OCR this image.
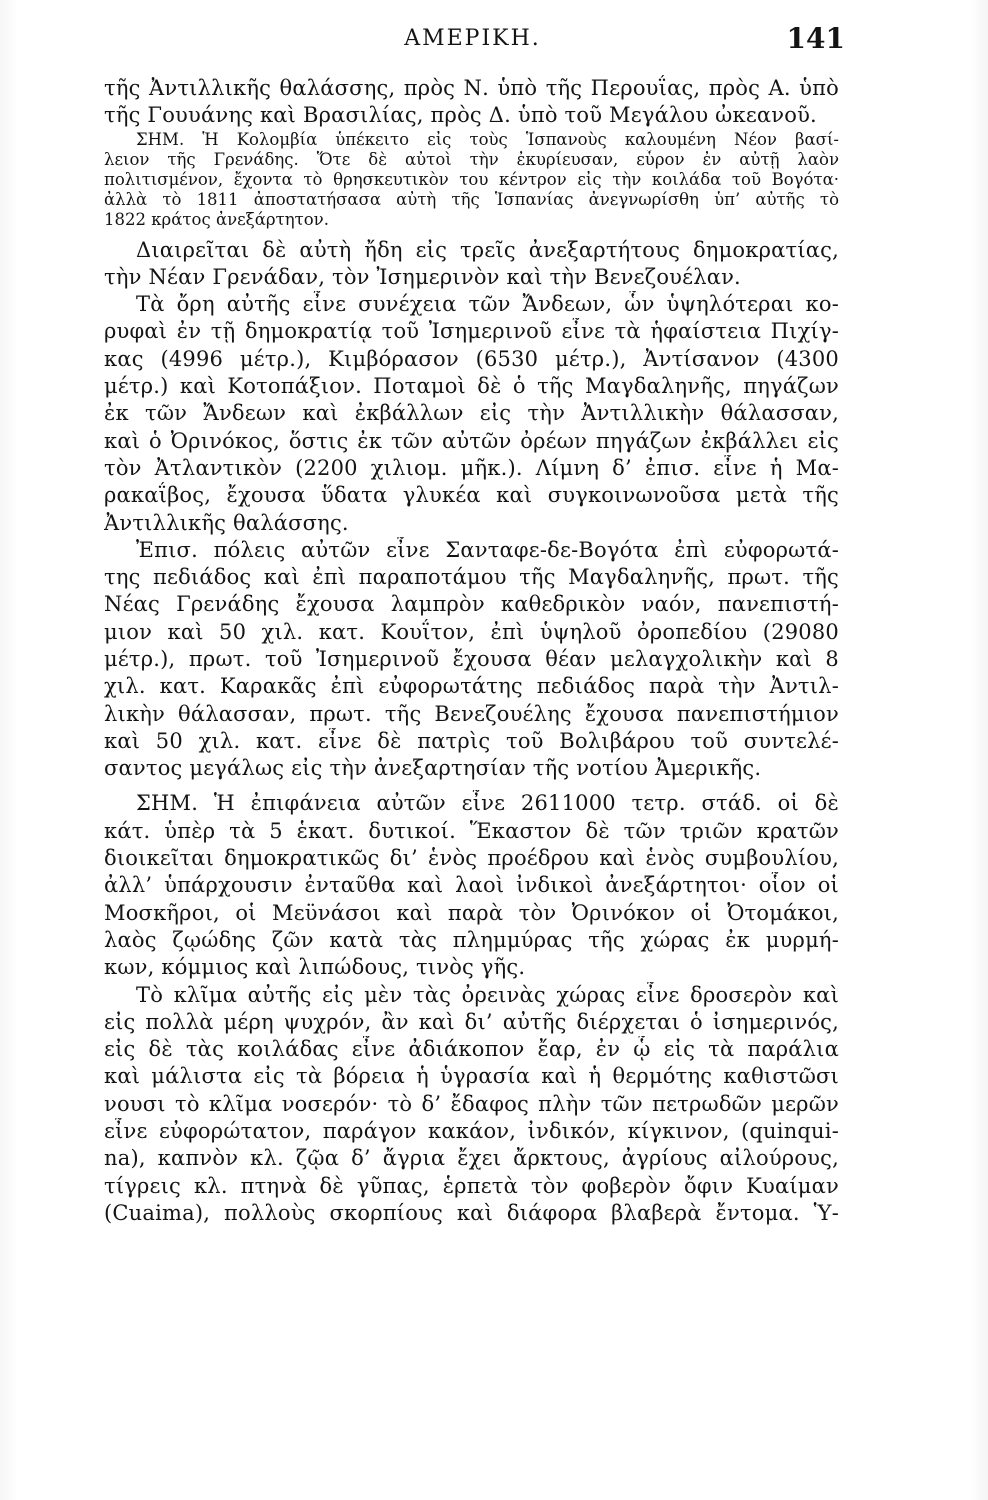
ΑΜΕΡΙΚΗ.	141
τῆς Ἀντιλλικῆς θαλάσσης, πρὸς Ν. ὑπὸ τῆς Περουΐας, πρὸς Α. ὑπὸ
τῆς Γουυάνης καὶ Βρασιλίας, πρὸς Δ. ὑπὸ τοῦ Μεγάλου ὠκεανοῦ.
ΣΗΜ. Ἡ Κολομβία ὑπέκειτο εἰς τοὺς Ἱσπανοὺς καλουμένη Νέον βασί-
λειον τῆς Γρενάδης. Ὅτε δὲ αὐτοὶ τὴν ἐκυρίευσαν, εὗρον ἐν αὐτῇ λαὸν
πολιτισμένον, ἔχοντα τὸ θρησκευτικὸν του κέντρον εἰς τὴν κοιλάδα τοῦ Βογότα·
ἀλλὰ τὸ 1811 ἀποστατήσασα αὐτὴ τῆς Ἱσπανίας ἀνεγνωρίσθη ὑπ’ αὐτῆς τὸ
1822 κράτος ἀνεξάρτητον.
Διαιρεῖται δὲ αὐτὴ ἤδη εἰς τρεῖς ἀνεξαρτήτους δημοκρατίας,
τὴν Νέαν Γρενάδαν, τὸν Ἰσημερινὸν καὶ τὴν Βενεζουέλαν.
Τὰ ὄρη αὐτῆς εἶνε συνέχεια τῶν Ἄνδεων, ὧν ὑψηλότεραι κο-
ρυφαὶ ἐν τῇ δημοκρατίᾳ τοῦ Ἰσημερινοῦ εἶνε τὰ ἡφαίστεια Πιχίγ-
κας (4996 μέτρ.), Κιμβόρασον (6530 μέτρ.), Ἀντίσανον (4300
μέτρ.) καὶ Κοτοπάξιον. Ποταμοὶ δὲ ὁ τῆς Μαγδαληνῆς, πηγάζων
ἐκ τῶν Ἄνδεων καὶ ἐκβάλλων εἰς τὴν Ἀντιλλικὴν θάλασσαν,
καὶ ὁ Ὀρινόκος, ὅστις ἐκ τῶν αὐτῶν ὀρέων πηγάζων ἐκβάλλει εἰς
τὸν Ἀτλαντικὸν (2200 χιλιομ. μῆκ.). Λίμνη δ’ ἐπισ. εἶνε ἡ Μα-
ρακαΐβος, ἔχουσα ὕδατα γλυκέα καὶ συγκοινωνοῦσα μετὰ τῆς
Ἀντιλλικῆς θαλάσσης.
Ἐπισ. πόλεις αὐτῶν εἶνε Σανταφε-δε-Βογότα ἐπὶ εὐφορωτά-
της πεδιάδος καὶ ἐπὶ παραποτάμου τῆς Μαγδαληνῆς, πρωτ. τῆς
Νέας Γρενάδης ἔχουσα λαμπρὸν καθεδρικὸν ναόν, πανεπιστή-
μιον καὶ 50 χιλ. κατ. Κουΐτον, ἐπὶ ὑψηλοῦ ὀροπεδίου (29080
μέτρ.), πρωτ. τοῦ Ἰσημερινοῦ ἔχουσα θέαν μελαγχολικὴν καὶ 8
χιλ. κατ. Καρακᾶς ἐπὶ εὐφορωτάτης πεδιάδος παρὰ τὴν Ἀντιλ-
λικὴν θάλασσαν, πρωτ. τῆς Βενεζουέλης ἔχουσα πανεπιστήμιον
καὶ 50 χιλ. κατ. εἶνε δὲ πατρὶς τοῦ Βολιβάρου τοῦ συντελέ-
σαντος μεγάλως εἰς τὴν ἀνεξαρτησίαν τῆς νοτίου Ἀμερικῆς.
ΣΗΜ. Ἡ ἐπιφάνεια αὐτῶν εἶνε 2611000 τετρ. στάδ. οἱ δὲ
κάτ. ὑπὲρ τὰ 5 ἑκατ. δυτικοί. Ἕκαστον δὲ τῶν τριῶν κρατῶν
διοικεῖται δημοκρατικῶς δι’ ἑνὸς προέδρου καὶ ἑνὸς συμβουλίου,
ἀλλ’ ὑπάρχουσιν ἐνταῦθα καὶ λαοὶ ἰνδικοὶ ἀνεξάρτητοι· οἷον οἱ
Μοσκῆροι, οἱ Μεϋνάσοι καὶ παρὰ τὸν Ὀρινόκον οἱ Ὀτομάκοι,
λαὸς ζῳώδης ζῶν κατὰ τὰς πλημμύρας τῆς χώρας ἐκ μυρμή-
κων, κόμμιος καὶ λιπώδους, τινὸς γῆς.
Τὸ κλῖμα αὐτῆς εἰς μὲν τὰς ὀρεινὰς χώρας εἶνε δροσερὸν καὶ
εἰς πολλὰ μέρη ψυχρόν, ἂν καὶ δι’ αὐτῆς διέρχεται ὁ ἰσημερινός,
εἰς δὲ τὰς κοιλάδας εἶνε ἀδιάκοπον ἔαρ, ἐν ᾧ εἰς τὰ παράλια
καὶ μάλιστα εἰς τὰ βόρεια ἡ ὑγρασία καὶ ἡ θερμότης καθιστῶσι
νουσι τὸ κλῖμα νοσερόν· τὸ δ’ ἔδαφος πλὴν τῶν πετρωδῶν μερῶν
εἶνε εὐφορώτατον, παράγον κακάον, ἰνδικόν, κίγκινον, (quinqui-
na), καπνὸν κλ. ζῷα δ’ ἄγρια ἔχει ἄρκτους, ἀγρίους αἰλούρους,
τίγρεις κλ. πτηνὰ δὲ γῦπας, ἑρπετὰ τὸν φοβερὸν ὄφιν Κυαίμαν
(Cuaima), πολλοὺς σκορπίους καὶ διάφορα βλαβερὰ ἔντομα. Ὑ-
